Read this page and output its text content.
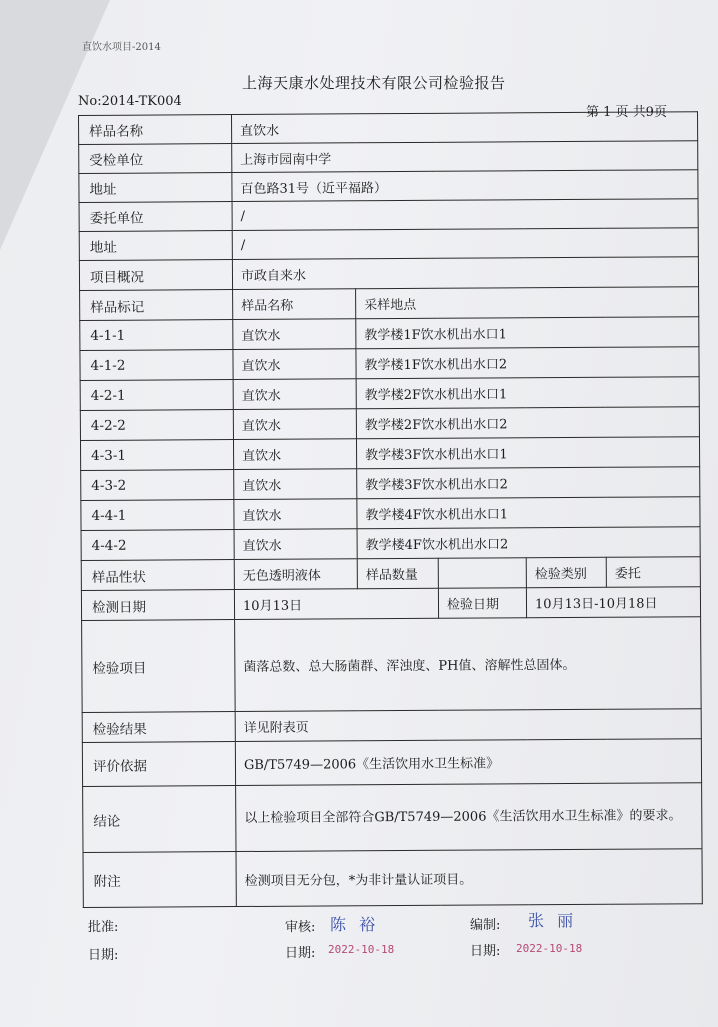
直饮水项目-2014
上海天康水处理技术有限公司检验报告
No:2014-TK004
第 1 页 共9页
样品名称	直饮水				
受检单位	上海市园南中学				
地址	百色路31号（近平福路）				
委托单位	/				
地址	/				
项目概况	市政自来水				
样品标记	样品名称	采样地点			
4-1-1	直饮水	教学楼1F饮水机出水口1			
4-1-2	直饮水	教学楼1F饮水机出水口2			
4-2-1	直饮水	教学楼2F饮水机出水口1			
4-2-2	直饮水	教学楼2F饮水机出水口2			
4-3-1	直饮水	教学楼3F饮水机出水口1			
4-3-2	直饮水	教学楼3F饮水机出水口2			
4-4-1	直饮水	教学楼4F饮水机出水口1			
4-4-2	直饮水	教学楼4F饮水机出水口2			
样品性状	无色透明液体	样品数量		检验类别	委托
检测日期	10月13日		检验日期	10月13日-10月18日	
检验项目	菌落总数、总大肠菌群、浑浊度、PH值、溶解性总固体。				
检验结果	详见附表页				
评价依据	GB/T5749—2006《生活饮用水卫生标准》				
结论	以上检验项目全部符合GB/T5749—2006《生活饮用水卫生标准》的要求。				
附注	检测项目无分包，*为非计量认证项目。				
批准:	审核: 陈 裕	编制: 张 丽
日期:	日期: 2022-10-18	日期: 2022-10-18
